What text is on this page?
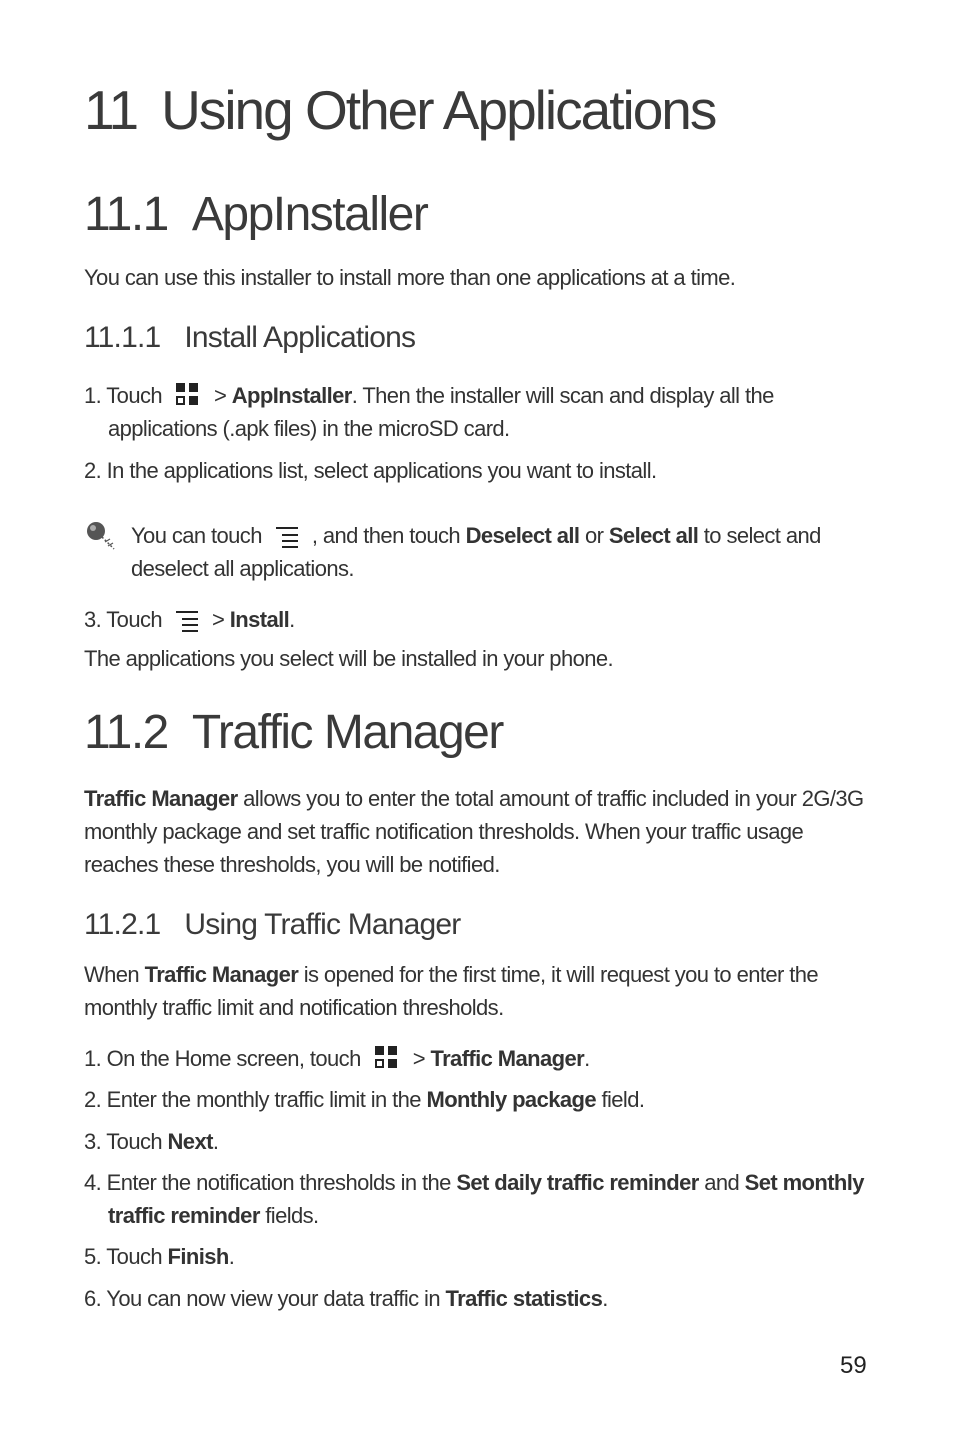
11 Using Other Applications
11.1 AppInstaller
You can use this installer to install more than one applications at a time.
11.1.1 Install Applications
1. Touch > AppInstaller. Then the installer will scan and display all the
applications (.apk files) in the microSD card.
2. In the applications list, select applications you want to install.
You can touch , and then touch Deselect all or Select all to select and
deselect all applications.
3. Touch > Install.
The applications you select will be installed in your phone.
11.2 Traffic Manager
Traffic Manager allows you to enter the total amount of traffic included in your 2G/3G
monthly package and set traffic notification thresholds. When your traffic usage
reaches these thresholds, you will be notified.
11.2.1 Using Traffic Manager
When Traffic Manager is opened for the first time, it will request you to enter the
monthly traffic limit and notification thresholds.
1. On the Home screen, touch > Traffic Manager.
2. Enter the monthly traffic limit in the Monthly package field.
3. Touch Next.
4. Enter the notification thresholds in the Set daily traffic reminder and Set monthly
traffic reminder fields.
5. Touch Finish.
6. You can now view your data traffic in Traffic statistics.
59
